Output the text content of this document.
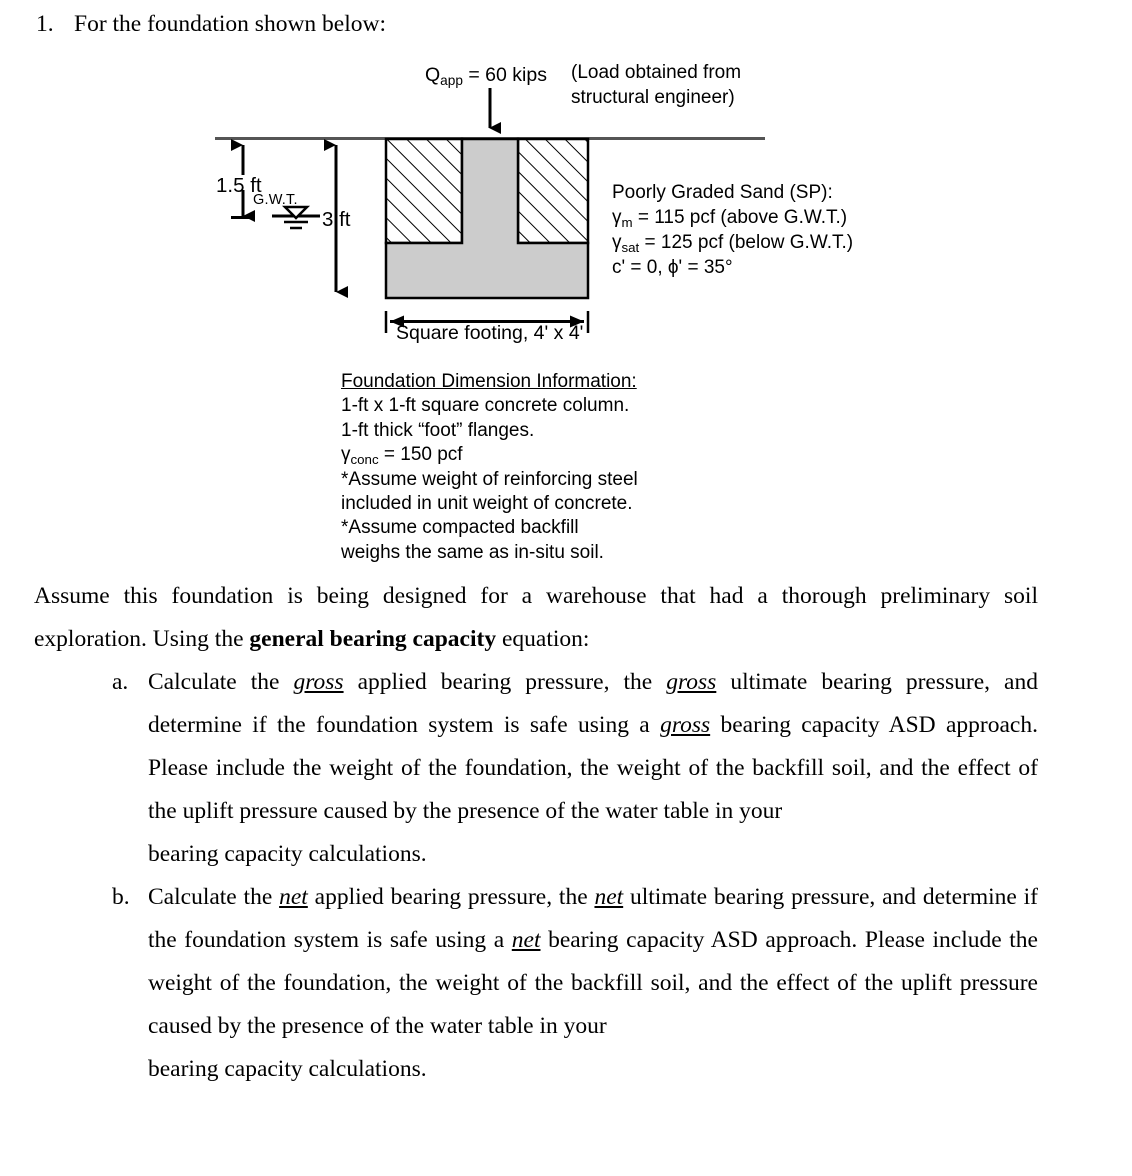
1. For the foundation shown below:
$Q_{app} = 60$ kips (Load obtained from structural engineer)
1.5 ft
G.W.T.
3 ft
Poorly Graded Sand (SP):
$\gamma_m = 115$ pcf (above G.W.T.)
$\gamma_{sat} = 125$ pcf (below G.W.T.)
c' = 0, ϕ' = 35°
Square footing, 4' x 4'
Foundation Dimension Information:
1-ft x 1-ft square concrete column.
1-ft thick “foot” flanges.
$\gamma_{conc} = 150$ pcf
*Assume weight of reinforcing steel
included in unit weight of concrete.
*Assume compacted backfill
weighs the same as in-situ soil.

Assume this foundation is being designed for a warehouse that had a thorough preliminary soil exploration. Using the general bearing capacity equation:

a. Calculate the gross applied bearing pressure, the gross ultimate bearing pressure, and determine if the foundation system is safe using a gross bearing capacity ASD approach. Please include the weight of the foundation, the weight of the backfill soil, and the effect of the uplift pressure caused by the presence of the water table in your
bearing capacity calculations.
b. Calculate the net applied bearing pressure, the net ultimate bearing pressure, and determine if the foundation system is safe using a net bearing capacity ASD approach. Please include the weight of the foundation, the weight of the backfill soil, and the effect of the uplift pressure caused by the presence of the water table in your
bearing capacity calculations.
